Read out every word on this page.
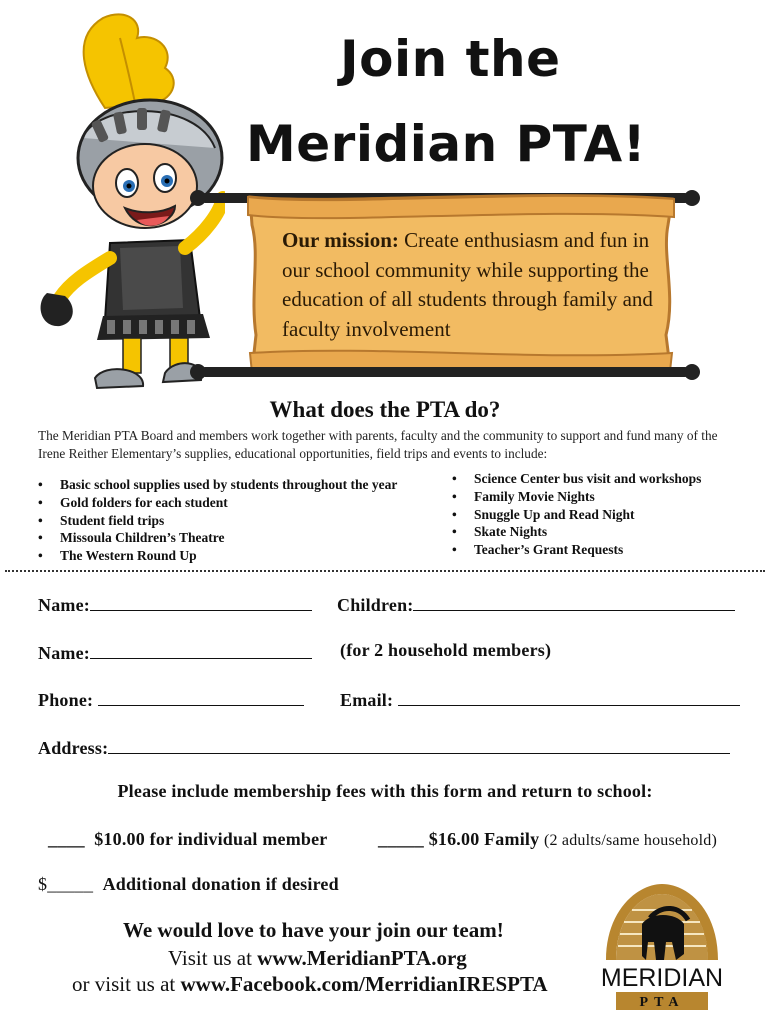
Join the
Meridian PTA!
Our mission: Create enthusiasm and fun in our school community while supporting the education of all students through family and faculty involvement
What does the PTA do?
The Meridian PTA Board and members work together with parents, faculty and the community to support and fund many of the Irene Reither Elementary’s supplies, educational opportunities, field trips and events to include:
• Basic school supplies used by students throughout the year
• Gold folders for each student
• Student field trips
• Missoula Children’s Theatre
• The Western Round Up
• Science Center bus visit and workshops
• Family Movie Nights
• Snuggle Up and Read Night
• Skate Nights
• Teacher’s Grant Requests
Name:	Children:
Name:	(for 2 household members)
Phone:	Email:
Address:
Please include membership fees with this form and return to school:
____ $10.00 for individual member	_____ $16.00 Family (2 adults/same household)
$_____ Additional donation if desired
We would love to have your join our team!
Visit us at www.MeridianPTA.org
or visit us at www.Facebook.com/MerridianIRESPTA MERIDIAN
PTA
